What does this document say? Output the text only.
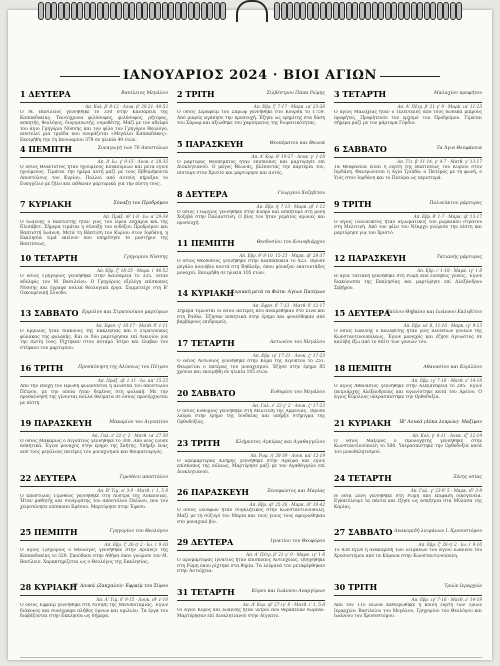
ΙΑΝΟΥΑΡΙΟΣ 2024 · ΒΙΟΙ ΑΓΙΩΝ
1 ΔΕΥΤΕΡΑ	Βασίλειος Μεγάλου
Απ. Κολ. β' 8-12 · Λουκ. β' 20-21, 40-52
Ο Μ. Βασίλειος γεννήθηκε το 330 στην Καισάρεια της Καππαδοκίας. Ταυτόχρονα φιλόσοφος, φιλόσοφος, ρήτορας, ασκητής, θεολόγος, διοργανωτής, νομοθέτης. Μαζί με τον αδελφό του άγιο Γρηγόριο Νύσσης και τον φίλο του Γρηγόριο Θεολόγο, αποτελεί μια τριάδα που ονομάζεται «Μεγάλοι Καππαδόκες». Εκοιμήθη την 1η Ιανουαρίου 379 σε ηλικία 49 ετών.
4 ΠΕΜΠΤΗ	Συναγωγή των 70 Αποστόλων
Απ. Α' Ιω. γ' 9-15 · Λουκ. ε' 28-35
Ο όσιος Θεόκτιστος ήταν ηγούμενος Κουκουμίων και μετά έγινε ηγούμενος. Τιμάται την ημέρα αυτή μαζί με τους Εβδομήκοντα Αποστόλους του Κυρίου. Πολλοί από αυτούς κήρυξαν το Ευαγγέλιο με ζήλο και πέθαναν μαρτυρικά για την πίστη τους.
7 ΚΥΡΙΑΚΗ	Σύναξη του Προδρόμου
Απ. Πράξ. ιθ' 1-8 · Ιω. α' 29-34
Ο Ιωάννης ο Βαπτιστής ήταν γιος του ιερέα Ζαχαρία και της Ελισάβετ. Σήμερα τιμάται η σύναξη του ενδόξου Προδρόμου και Βαπτιστή Ιωάννη. Μετά τη Βάπτιση του Κυρίου στον Ιορδάνη, η Εκκλησία τιμά εκείνον που υπηρέτησε το μυστήριο της Βαπτίσεως.
10 ΤΕΤΑΡΤΗ	Γρηγορίου Νύσσης
Απ. Εβρ. ζ' 18-25 · Μαρκ. ι' 46-52
Ο όσιος Γρηγόριος γεννήθηκε στην Καισάρεια το 335. Ήταν αδελφός του Μ. Βασιλείου. Ο Γρηγόριος εξελέγη επίσκοπος Νύσσης και έγραψε πολλά θεολογικά έργα. Συμμετείχε στη Β' Οικουμενική Σύνοδο.
13 ΣΑΒΒΑΤΟ Ερμύλου και Στρατονίκου μαρτύρων
Απ. Εφεσ. ς' 10-17 · Ματθ. δ' 1-11
Ο Ερμύλος ήταν διάκονος της Εκκλησίας και ο Στρατόνικος φύλακας της φυλακής. Και οι δύο μαρτύρησαν επί Λικινίου για την πίστη τους. Ρίχτηκαν στον ποταμό Ίστρο και έλαβαν τον στέφανο του μαρτυρίου.
16 ΤΡΙΤΗ	Προσκύνηση της Αλύσεως του Πέτρου
Απ. Πράξ. ιβ' 1-11 · Ιω. κα' 15-25
Από την εποχή του Ηρώδη φυλάσσεται η αλυσίδα του αποστόλου Πέτρου, με την οποία ήταν δεμένος στη φυλακή. Με την προσκύνησή της γίνονται πολλά θαύματα σε όσους προσέρχονται με πίστη.
19 ΠΑΡΑΣΚΕΥΗ	Μακαρίου του Αιγυπτίου
Απ. Γαλ. ε' 22-ς' 2 · Ματθ. ια' 27-30
Ο όσιος Μακάριος ο Αιγύπτιος γεννήθηκε το 300. Από νέος ζούσε ασκητικά. Έγινε μοναχός στην έρημο της Σκήτης. Υπήρξε ένας από τους μεγάλους πατέρες του μοναχισμού και θαυματουργός.
22 ΔΕΥΤΕΡΑ	Τιμοθέου αποστόλου
Απ. Β' Τιμ. α' 3-9 · Ματθ. ι' 1, 5-8
Ο απόστολος Τιμόθεος γεννήθηκε στη Λύστρα της Λυκαονίας. Ήταν μαθητής και συνεργάτης του αποστόλου Παύλου, που τον χειροτόνησε επίσκοπο Εφέσου. Μαρτύρησε στην Έφεσο.
25 ΠΕΜΠΤΗ	Γρηγορίου του Θεολόγου
Απ. Εβρ. ζ' 26-η' 2 · Ιω. ι' 9-16
Ο άγιος Γρηγόριος ο Θεολόγος γεννήθηκε στην Αριανζό της Καππαδοκίας το 329. Σπούδασε στην Αθήνα όπου γνώρισε τον Μ. Βασίλειο. Χαρακτηρίζεται ως ο Θεολόγος της Εκκλησίας.
28 ΚΥΡΙΑΚΗ
ΙΕ' Λουκά (Ζακχαίου)· Εφραίμ του Σύρου
Απ. Α' Τιμ. δ' 9-15 · Λουκ. ιθ' 1-10
Ο όσιος Εφραίμ γεννήθηκε στη Νίσιβη της Μεσοποταμίας. Έγινε διάκονος και συνέγραψε πλήθος ύμνων και ομιλιών. Τα έργα του διαβάζονται στην Εκκλησία ως σήμερα.
2 ΤΡΙΤΗ	Σιλβέστρου Πάπα Ρώμης
Απ. Εβρ. ζ' 7-17 · Μαρκ. ια' 23-26
Ο όσιος Σεραφείμ του Σάρωφ γεννήθηκε στο Κουρσκ το 1759. Από μικρός αγάπησε την προσευχή. Έζησε ως ερημίτης στα δάση του Σάρωφ και αξιώθηκε του χαρίσματος της διορατικότητας.
5 ΠΑΡΑΣΚΕΥΗ	Θεοπέμπτου και Θεωνά
Απ. Α' Κορ. θ' 19-27 · Λουκ. γ' 1-18
Ο μάρτυρας Θεόπεμπτος ήταν επίσκοπος και μαρτύρησε επί Διοκλητιανού. Ο μάγος Θεωνάς, βλέποντας την καρτερία του, πίστεψε στον Χριστό και μαρτύρησε και αυτός.
8 ΔΕΥΤΕΡΑ	Γεωργίου Χοζεβίτου
Απ. Εβρ. η' 7-13 · Μαρκ. ιβ' 1-12
Ο όσιος Γεώργιος γεννήθηκε στην Κύπρο και ασκήτεψε στη μονή Χοζεβά στην Παλαιστίνη. Ο βίος του ήταν γεμάτος αγώνες και προσευχή.
11 ΠΕΜΠΤΗ	Θεοδοσίου του Κοινοβιάρχου
Απ. Εβρ. θ' 8-10, 15-23 · Μαρκ. ιβ' 28-37
Ο όσιος Θεοδόσιος γεννήθηκε στην Καππαδοκία το 423. Ίδρυσε μεγάλο κοινόβιο κοντά στη Βηθλεέμ, όπου μόναζαν εκατοντάδες μοναχοί. Εκοιμήθη σε ηλικία 105 ετών.
14 ΚΥΡΙΑΚΗ
Κυριακή μετά τα Φώτα· Αγίων Πατέρων
Απ. Εφεσ. δ' 7-13 · Ματθ. δ' 12-17
Σήμερα τιμώνται οι όσιοι πατέρες που αναιρέθηκαν στο Σινά και στη Ραϊθώ. Έζησαν ασκητικά στην έρημο και φονεύθηκαν από βαρβάρους επιδρομείς.
17 ΤΕΤΑΡΤΗ	Αντωνίου του Μεγάλου
Απ. Εβρ. ιγ' 17-21 · Λουκ. ς' 17-23
Ο όσιος Αντώνιος γεννήθηκε στην Κομά της Αιγύπτου το 251. Θεωρείται ο πατέρας του μοναχισμού. Έζησε στην έρημο 85 χρόνια και εκοιμήθη σε ηλικία 105 ετών.
20 ΣΑΒΒΑΤΟ	Ευθυμίου του Μεγάλου
Απ. Γαλ. ε' 22-ς' 2 · Λουκ. ς' 17-23
Ο όσιος Ευθύμιος γεννήθηκε στη Μελιτινή της Αρμενίας. Ίδρυσε λαύρα στην έρημο της Ιουδαίας και υπήρξε στήριγμα της Ορθοδοξίας.
23 ΤΡΙΤΗ	Κλήμεντος Αγκύρας και Αγαθαγγέλου
Απ. Ρωμ. η' 28-39 · Λουκ. κα' 12-19
Ο ιερομάρτυρας Κλήμης γεννήθηκε στην Άγκυρα και έγινε επίσκοπος της πόλεως. Μαρτύρησε μαζί με τον Αγαθάγγελο επί Διοκλητιανού.
26 ΠΑΡΑΣΚΕΥΗ	Ξενοφώντος και Μαρίας
Απ. Εβρ. ιβ' 25-26 · Μαρκ. ιδ' 10-42
Ο όσιος Ξενοφών ήταν συγκλητικός στην Κωνσταντινούπολη. Μαζί με τη σύζυγό του Μαρία και τους γιους τους αφιερώθηκαν στο μοναχικό βίο.
29 ΔΕΥΤΕΡΑ	Ιγνατίου του Θεοφόρου
Απ. Α' Πέτρ. β' 21-γ' 9 · Μαρκ. ιγ' 1-8
Ο ιερομάρτυρας Ιγνάτιος ήταν επίσκοπος Αντιοχείας. Οδηγήθηκε στη Ρώμη όπου ρίχτηκε στα θηρία. Τα λείψανά του μεταφέρθηκαν στην Αντιόχεια.
31 ΤΕΤΑΡΤΗ	Κύρου και Ιωάννου Αναργύρων
Απ. Α' Κορ. ιβ' 27-ιγ' 8 · Ματθ. ι' 1, 5-8
Οι άγιοι Κύρος και Ιωάννης ήταν ιατροί που θεράπευαν δωρεάν. Μαρτύρησαν επί Διοκλητιανού στην Αίγυπτο.
3 ΤΕΤΑΡΤΗ	Μαλαχίου προφήτου
Απ. Α' Πέτρ. β' 21-γ' 9 · Μαρκ. ια' 11-23
Ο άγιος Μαλαχίας ήταν ο τελευταίος από τους δώδεκα μικρούς προφήτες. Προφήτευσε τον ερχομό του Προδρόμου. Τιμάται σήμερα μαζί με τον μάρτυρα Γόρδιο.
6 ΣΑΒΒΑΤΟ	Τα Άγια Θεοφάνεια
Απ. Τίτ. β' 11-14, γ' 4-7 · Ματθ. γ' 13-17
Τα Θεοφάνεια είναι η εορτή της Βαπτίσεως του Κυρίου στον Ιορδάνη. Φανερώνεται η Αγία Τριάδα: ο Πατέρας με τη φωνή, ο Υιός στον Ιορδάνη και το Πνεύμα ως περιστερά.
9 ΤΡΙΤΗ	Πολυεύκτου μάρτυρος
Απ. Εβρ. θ' 1-7 · Μαρκ. ιβ' 13-17
Ο άγιος Πολύευκτος ήταν αξιωματικός του ρωμαϊκού στρατού στη Μελιτινή. Από τον φίλο του Νέαρχο γνώρισε την πίστη και μαρτύρησε για τον Χριστό.
12 ΠΑΡΑΣΚΕΥΗ	Τατιανής μάρτυρος
Απ. Εβρ. ι' 1-18 · Μαρκ. ιγ' 1-8
Η αγία Τατιανή γεννήθηκε στη Ρώμη από ευσεβείς γονείς. Έγινε διακόνισσα της Εκκλησίας και μαρτύρησε επί Αλεξάνδρου Σεβήρου.
15 ΔΕΥΤΕΡΑ
Παύλου Θηβαίου και Ιωάννου Καλυβίτου
Απ. Εβρ. ια' 8, 11-16 · Μαρκ. ιγ' 9-13
Ο όσιος Ιωάννης ο Καλυβίτης ήταν γιος πλουσίων γονέων της Κωνσταντινουπόλεως. Έγινε μοναχός και έζησε άγνωστος σε καλύβη έξω από το σπίτι των γονιών του.
18 ΠΕΜΠΤΗ	Αθανασίου και Κυρίλλου
Απ. Εβρ. ιγ' 7-16 · Ματθ. ε' 14-19
Ο άγιος Αθανάσιος γεννήθηκε στην Αλεξάνδρεια το 295. Έγινε πατριάρχης Αλεξανδρείας και αγωνίστηκε κατά του Αρείου. Ο άγιος Κύριλλος υπερασπίστηκε την Ορθοδοξία.
21 ΚΥΡΙΑΚΗ ΙΒ' Λουκά (Δέκα λεπρών)· Μαξίμου
Απ. Κολ. γ' 4-11 · Λουκ. ιζ' 12-19
Ο όσιος Μάξιμος ο Ομολογητής γεννήθηκε στην Κωνσταντινούπολη το 580. Υπερασπίστηκε την Ορθοδοξία κατά του μονοθελητισμού.
24 ΤΕΤΑΡΤΗ	Ξένης οσίας
Απ. Γαλ. γ' 23-δ' 5 · Μαρκ. ιδ' 3-9
Η οσία Ξένη γεννήθηκε στη Ρώμη από επιφανή οικογένεια. Εγκατέλειψε τα πάντα και έζησε ως ασκήτρια στα Μύλασα της Καρίας.
27 ΣΑΒΒΑΤΟ Ανακομιδή λειψάνων Ι. Χρυσοστόμου
Απ. Εβρ. ζ' 26-η' 2 · Ιω. ι' 9-16
Το 438 έγινε η ανακομιδή των λειψάνων του αγίου Ιωάννου του Χρυσοστόμου από τα Κόμανα στην Κωνσταντινούπολη.
30 ΤΡΙΤΗ	Τριών Ιεραρχών
Απ. Εβρ. ιγ' 7-16 · Ματθ. ε' 14-19
Από τον 11ο αιώνα καθιερώθηκε η κοινή εορτή των Τριών Ιεραρχών: Βασιλείου του Μεγάλου, Γρηγορίου του Θεολόγου και Ιωάννου του Χρυσοστόμου.
